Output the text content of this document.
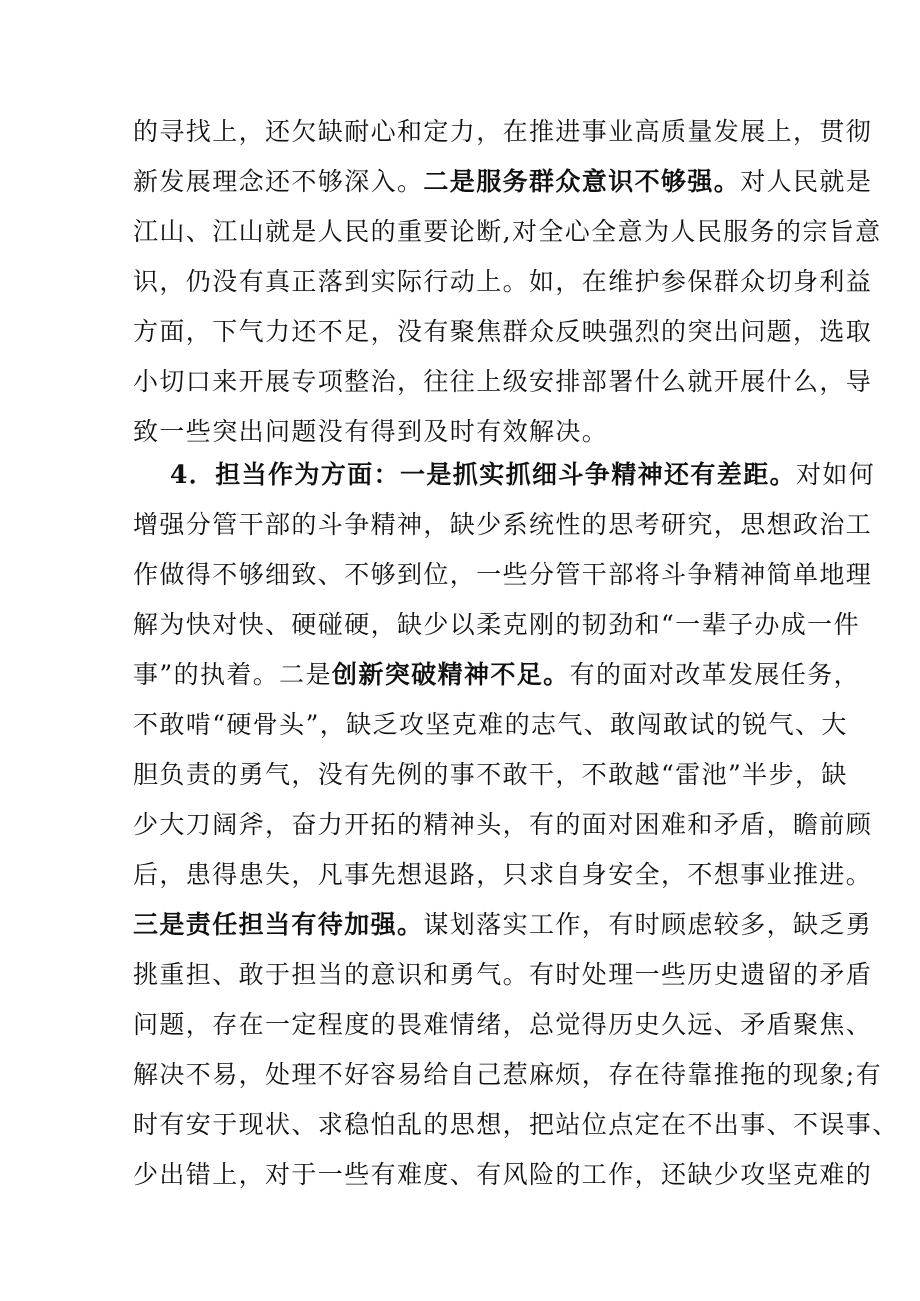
的寻找上，还欠缺耐心和定力，在推进事业高质量发展上，贯彻
新发展理念还不够深入。二是服务群众意识不够强。对人民就是
江山、江山就是人民的重要论断,对全心全意为人民服务的宗旨意
识，仍没有真正落到实际行动上。如，在维护参保群众切身利益
方面，下气力还不足，没有聚焦群众反映强烈的突出问题，选取
小切口来开展专项整治，往往上级安排部署什么就开展什么，导
致一些突出问题没有得到及时有效解决。
4．担当作为方面：一是抓实抓细斗争精神还有差距。对如何
增强分管干部的斗争精神，缺少系统性的思考研究，思想政治工
作做得不够细致、不够到位，一些分管干部将斗争精神简单地理
解为快对快、硬碰硬，缺少以柔克刚的韧劲和“一辈子办成一件
事”的执着。二是创新突破精神不足。有的面对改革发展任务，
不敢啃“硬骨头”，缺乏攻坚克难的志气、敢闯敢试的锐气、大
胆负责的勇气，没有先例的事不敢干，不敢越“雷池”半步，缺
少大刀阔斧，奋力开拓的精神头，有的面对困难和矛盾，瞻前顾
后，患得患失，凡事先想退路，只求自身安全，不想事业推进。
三是责任担当有待加强。谋划落实工作，有时顾虑较多，缺乏勇
挑重担、敢于担当的意识和勇气。有时处理一些历史遗留的矛盾
问题，存在一定程度的畏难情绪，总觉得历史久远、矛盾聚焦、
解决不易，处理不好容易给自己惹麻烦，存在待靠推拖的现象;有
时有安于现状、求稳怕乱的思想，把站位点定在不出事、不误事、
少出错上，对于一些有难度、有风险的工作，还缺少攻坚克难的
